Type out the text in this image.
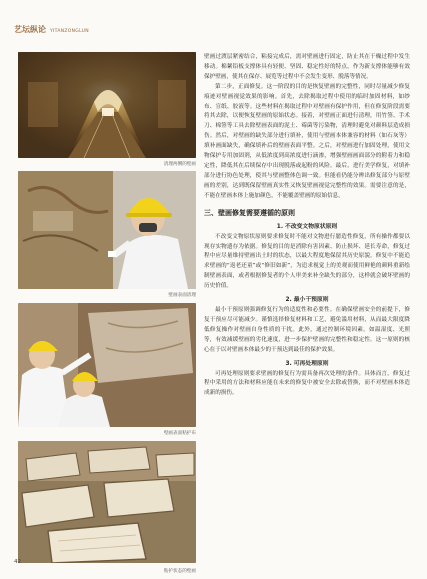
艺坛纵论 YITANZONGLUN
清理两侧的壁画
壁画表面清理
壁画表面粘护布
粘护状态的壁画

壁画过渡层紧密结合，粘接完成后，需对壁画进行固定，防止其在干燥过程中发生移动。棉絮铅板支撑体具有轻便、坚固、稳定性好的特点，作为新支撑体能够有效保护壁画，使其在保存、展览等过程中不会发生变形、脱落等情况。

第二步，正面修复。这一阶段的目的是恢复壁画的完整性，同时尽量减少修复痕迹对壁画视觉效果的影响。首先，去除揭取过程中使用的临时加固材料，如纱布、宣纸、胶液等。这些材料在揭取过程中对壁画有保护作用，但在修复阶段需要将其去除，以便恢复壁画的原始状态。接着，对壁画正面进行清理，用竹签、手术刀、棉签等工具去除壁画表面的泥土、霉菌等污染物，清理时避免对颜料层造成损伤。然后，对壁画的缺失部分进行填补，使用与壁画本体兼容的材料（如石灰等）填补画面缺失，确保填补后的壁画表面平整。之后，对壁画进行加固处理，使用文物保护专用加固剂，从低浓度到高浓度进行滴渗，增强壁画画面部分的附着力和稳定性，降低其在后续保存中出现脱落或起粉的风险。最后，进行美学修复，对填补部分进行协色处理，使其与壁画整体色调一致。但能看仍能分辨出修复部分与原壁画的差别，达到既保留壁画真实性又恢复壁画视觉完整性的效果。需要注意的是，不能在壁画本体上施加颜色，不能覆盖壁画的原始信息。

三、壁画修复需要遵循的原则
1. 不改变文物原状原则

不改变文物原状原则要求修复时不能对文物进行臆造性修复，所有操作都要以现存实物遗存为依据。修复的目的是消除有害因素、防止损坏、延长寿命，修复过程中应尽量维持壁画出土时的状态，以最大程度地保留其历史原貌。修复中不能追求壁画的“返老还童”或“修旧如新”，为追求视觉上的美观而使用鲜艳的颜料重新绘制壁画表面，或者根据修复者的个人审美来补全缺失的部分，这样就会破坏壁画的历史价值。

2. 最小干预原则

最小干预原则强调修复行为的适度性和必要性。在确保壁画安全的前提下，修复干预应尽可能减少。谨慎选择修复材料和工艺，避免滥用材料，从而最大限度降低修复操作对壁画自身性质的干扰。此外，通过控制环境因素，如温湿度、光照等，有效减缓壁画的劣化速度，进一步保护壁画的完整性和稳定性。这一原则的核心在于以对壁画本体最少的干预达到最佳的保护效果。

3. 可再处理原则

可再处理原则要求壁画的修复行为需具备再次处理的条件。具体而言，修复过程中采用的方法和材料应能在未来的修复中被安全去除或替换，而不对壁画本体造成新的损伤。

42
